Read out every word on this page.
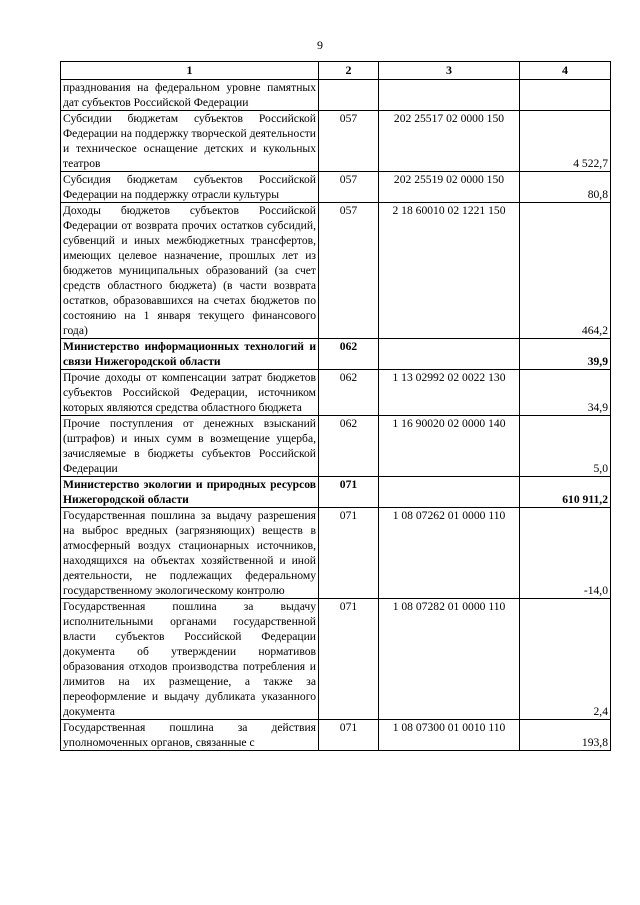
9
1	2	3	4
празднования на федеральном уровне памятных дат субъектов Российской Федерации			
Субсидии бюджетам субъектов Российской Федерации на поддержку творческой деятельности и техническое оснащение детских и кукольных театров	057	202 25517 02 0000 150	4 522,7
Субсидия бюджетам субъектов Российской Федерации на поддержку отрасли культуры	057	202 25519 02 0000 150	80,8
Доходы бюджетов субъектов Российской Федерации от возврата прочих остатков субсидий, субвенций и иных межбюджетных трансфертов, имеющих целевое назначение, прошлых лет из бюджетов муниципальных образований (за счет средств областного бюджета) (в части возврата остатков, образовавшихся на счетах бюджетов по состоянию на 1 января текущего финансового года)	057	2 18 60010 02 1221 150	464,2
Министерство информационных технологий и связи Нижегородской области	062		39,9
Прочие доходы от компенсации затрат бюджетов субъектов Российской Федерации, источником которых являются средства областного бюджета	062	1 13 02992 02 0022 130	34,9
Прочие поступления от денежных взысканий (штрафов) и иных сумм в возмещение ущерба, зачисляемые в бюджеты субъектов Российской Федерации	062	1 16 90020 02 0000 140	5,0
Министерство экологии и природных ресурсов Нижегородской области	071		610 911,2
Государственная пошлина за выдачу разрешения на выброс вредных (загрязняющих) веществ в атмосферный воздух стационарных источников, находящихся на объектах хозяйственной и иной деятельности, не подлежащих федеральному государственному экологическому контролю	071	1 08 07262 01 0000 110	-14,0
Государственная пошлина за выдачу исполнительными органами государственной власти субъектов Российской Федерации документа об утверждении нормативов образования отходов производства потребления и лимитов на их размещение, а также за переоформление и выдачу дубликата указанного документа	071	1 08 07282 01 0000 110	2,4
Государственная пошлина за действия уполномоченных органов, связанные с	071	1 08 07300 01 0010 110	193,8
